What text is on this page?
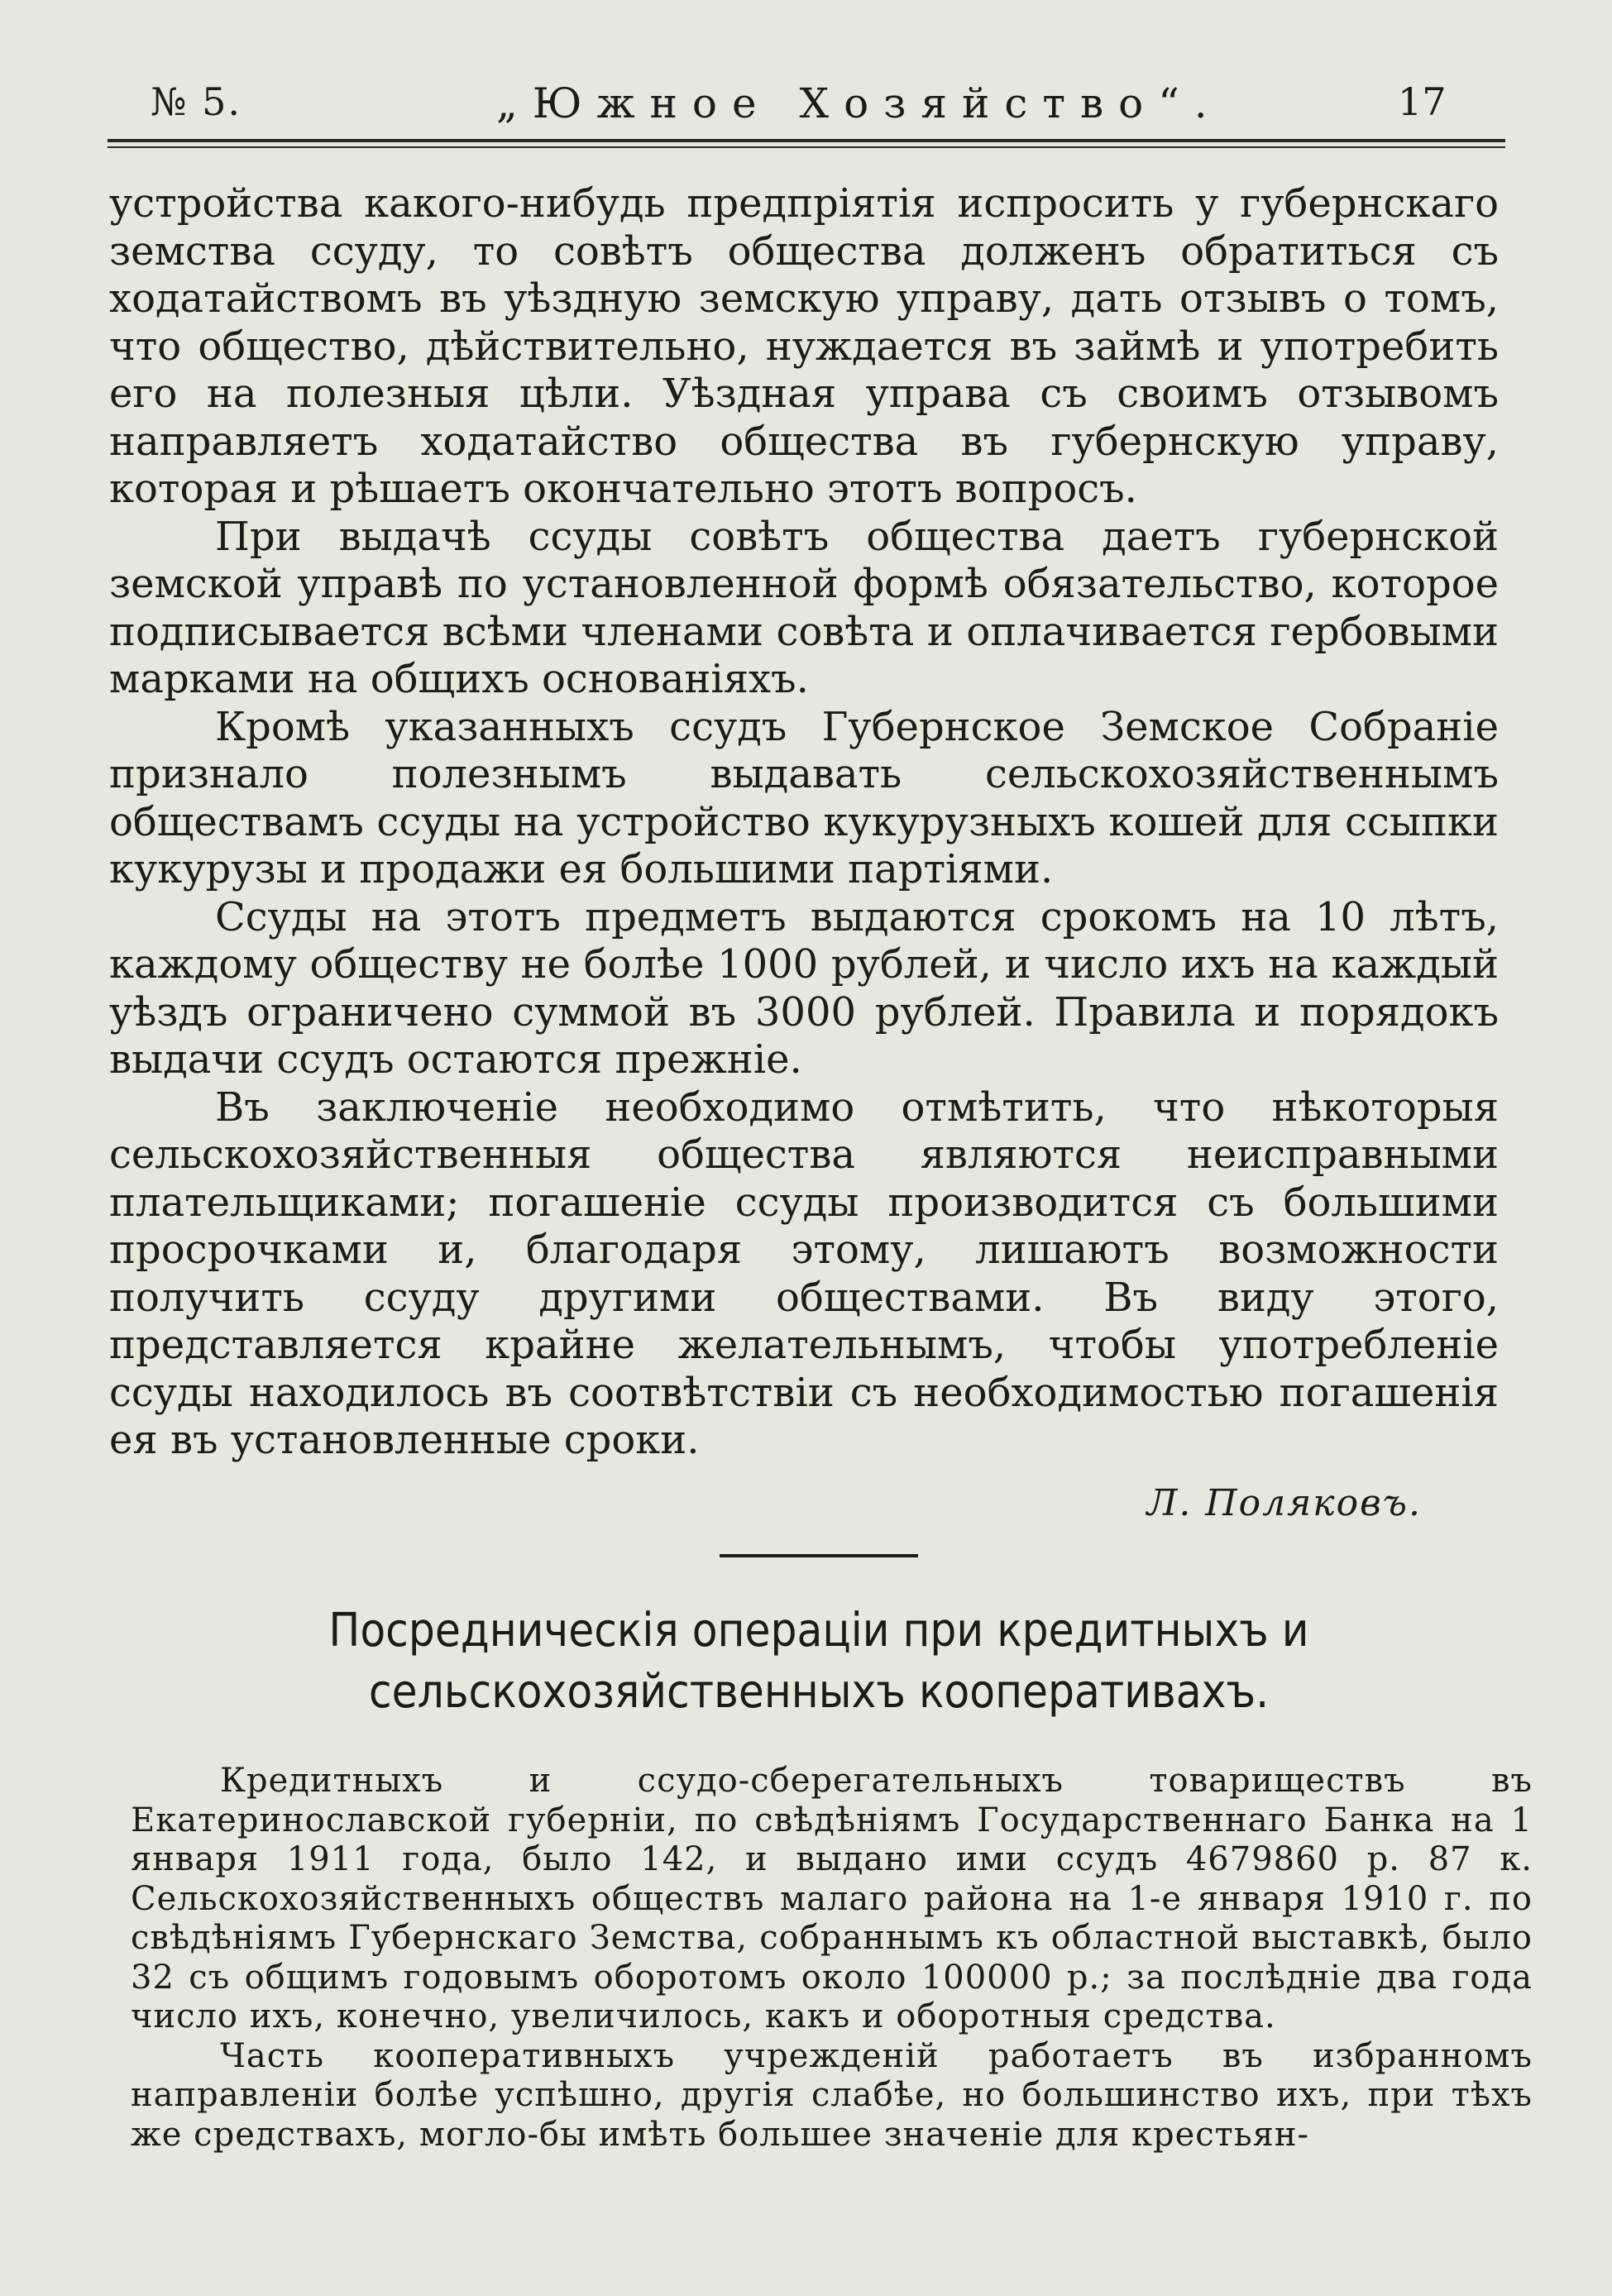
№ 5.	„Южное Хозяйство“.	17

устройства какого-нибудь предпріятія испросить у губернскаго земства ссуду, то совѣтъ общества долженъ обратиться съ ходатайствомъ въ уѣздную земскую управу, дать отзывъ о томъ, что общество, дѣйствительно, нуждается въ займѣ и употребить его на полезныя цѣли. Уѣздная управа съ своимъ отзывомъ направляетъ ходатайство общества въ губернскую управу, которая и рѣшаетъ окончательно этотъ вопросъ.

При выдачѣ ссуды совѣтъ общества даетъ губернской земской управѣ по установленной формѣ обязательство, которое подписывается всѣми членами совѣта и оплачивается гербовыми марками на общихъ основаніяхъ.

Кромѣ указанныхъ ссудъ Губернское Земское Собраніе признало полезнымъ выдавать сельскохозяйственнымъ обществамъ ссуды на устройство кукурузныхъ кошей для ссыпки кукурузы и продажи ея большими партіями.

Ссуды на этотъ предметъ выдаются срокомъ на 10 лѣтъ, каждому обществу не болѣе 1000 рублей, и число ихъ на каждый уѣздъ ограничено суммой въ 3000 рублей. Правила и порядокъ выдачи ссудъ остаются прежніе.

Въ заключеніе необходимо отмѣтить, что нѣкоторыя сельскохозяйственныя общества являются неисправными плательщиками; погашеніе ссуды производится съ большими просрочками и, благодаря этому, лишаютъ возможности получить ссуду другими обществами. Въ виду этого, представляется крайне желательнымъ, чтобы употребленіе ссуды находилось въ соотвѣтствіи съ необходимостью погашенія ея въ установленные сроки.

Л. Поляковъ.
Посредническія операціи при кредитныхъ и сельскохозяйственныхъ кооперативахъ.

Кредитныхъ и ссудо-сберегательныхъ товариществъ въ Екатеринославской губерніи, по свѣдѣніямъ Государственнаго Банка на 1 января 1911 года, было 142, и выдано ими ссудъ 4679860 р. 87 к. Сельскохозяйственныхъ обществъ малаго района на 1-е января 1910 г. по свѣдѣніямъ Губернскаго Земства, собраннымъ къ областной выставкѣ, было 32 съ общимъ годовымъ оборотомъ около 100000 р.; за послѣдніе два года число ихъ, конечно, увеличилось, какъ и оборотныя средства.

Часть кооперативныхъ учрежденій работаетъ въ избранномъ направленіи болѣе успѣшно, другія слабѣе, но большинство ихъ, при тѣхъ же средствахъ, могло-бы имѣть большее значеніе для крестьян-
